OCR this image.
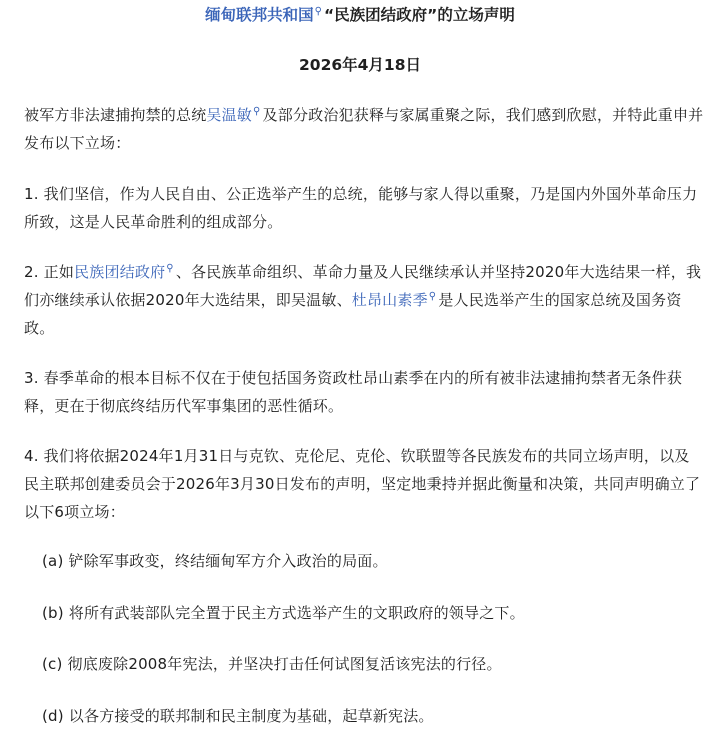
缅甸联邦共和国⚲ “民族团结政府”的立场声明
2026年4月18日
被军方非法逮捕拘禁的总统吴温敏⚲ 及部分政治犯获释与家属重聚之际，我们感到欣慰，并特此重申并发布以下立场：
1. 我们坚信，作为人民自由、公正选举产生的总统，能够与家人得以重聚，乃是国内外国外革命压力所致，这是人民革命胜利的组成部分。
2. 正如民族团结政府⚲ 、各民族革命组织、革命力量及人民继续承认并坚持2020年大选结果一样，我们亦继续承认依据2020年大选结果，即吴温敏、杜昂山素季⚲ 是人民选举产生的国家总统及国务资政。
3. 春季革命的根本目标不仅在于使包括国务资政杜昂山素季在内的所有被非法逮捕拘禁者无条件获释，更在于彻底终结历代军事集团的恶性循环。
4. 我们将依据2024年1月31日与克钦、克伦尼、克伦、钦联盟等各民族发布的共同立场声明，以及民主联邦创建委员会于2026年3月30日发布的声明，坚定地秉持并据此衡量和决策，共同声明确立了以下6项立场：
(a) 铲除军事政变，终结缅甸军方介入政治的局面。
(b) 将所有武装部队完全置于民主方式选举产生的文职政府的领导之下。
(c) 彻底废除2008年宪法，并坚决打击任何试图复活该宪法的行径。
(d) 以各方接受的联邦制和民主制度为基础，起草新宪法。
